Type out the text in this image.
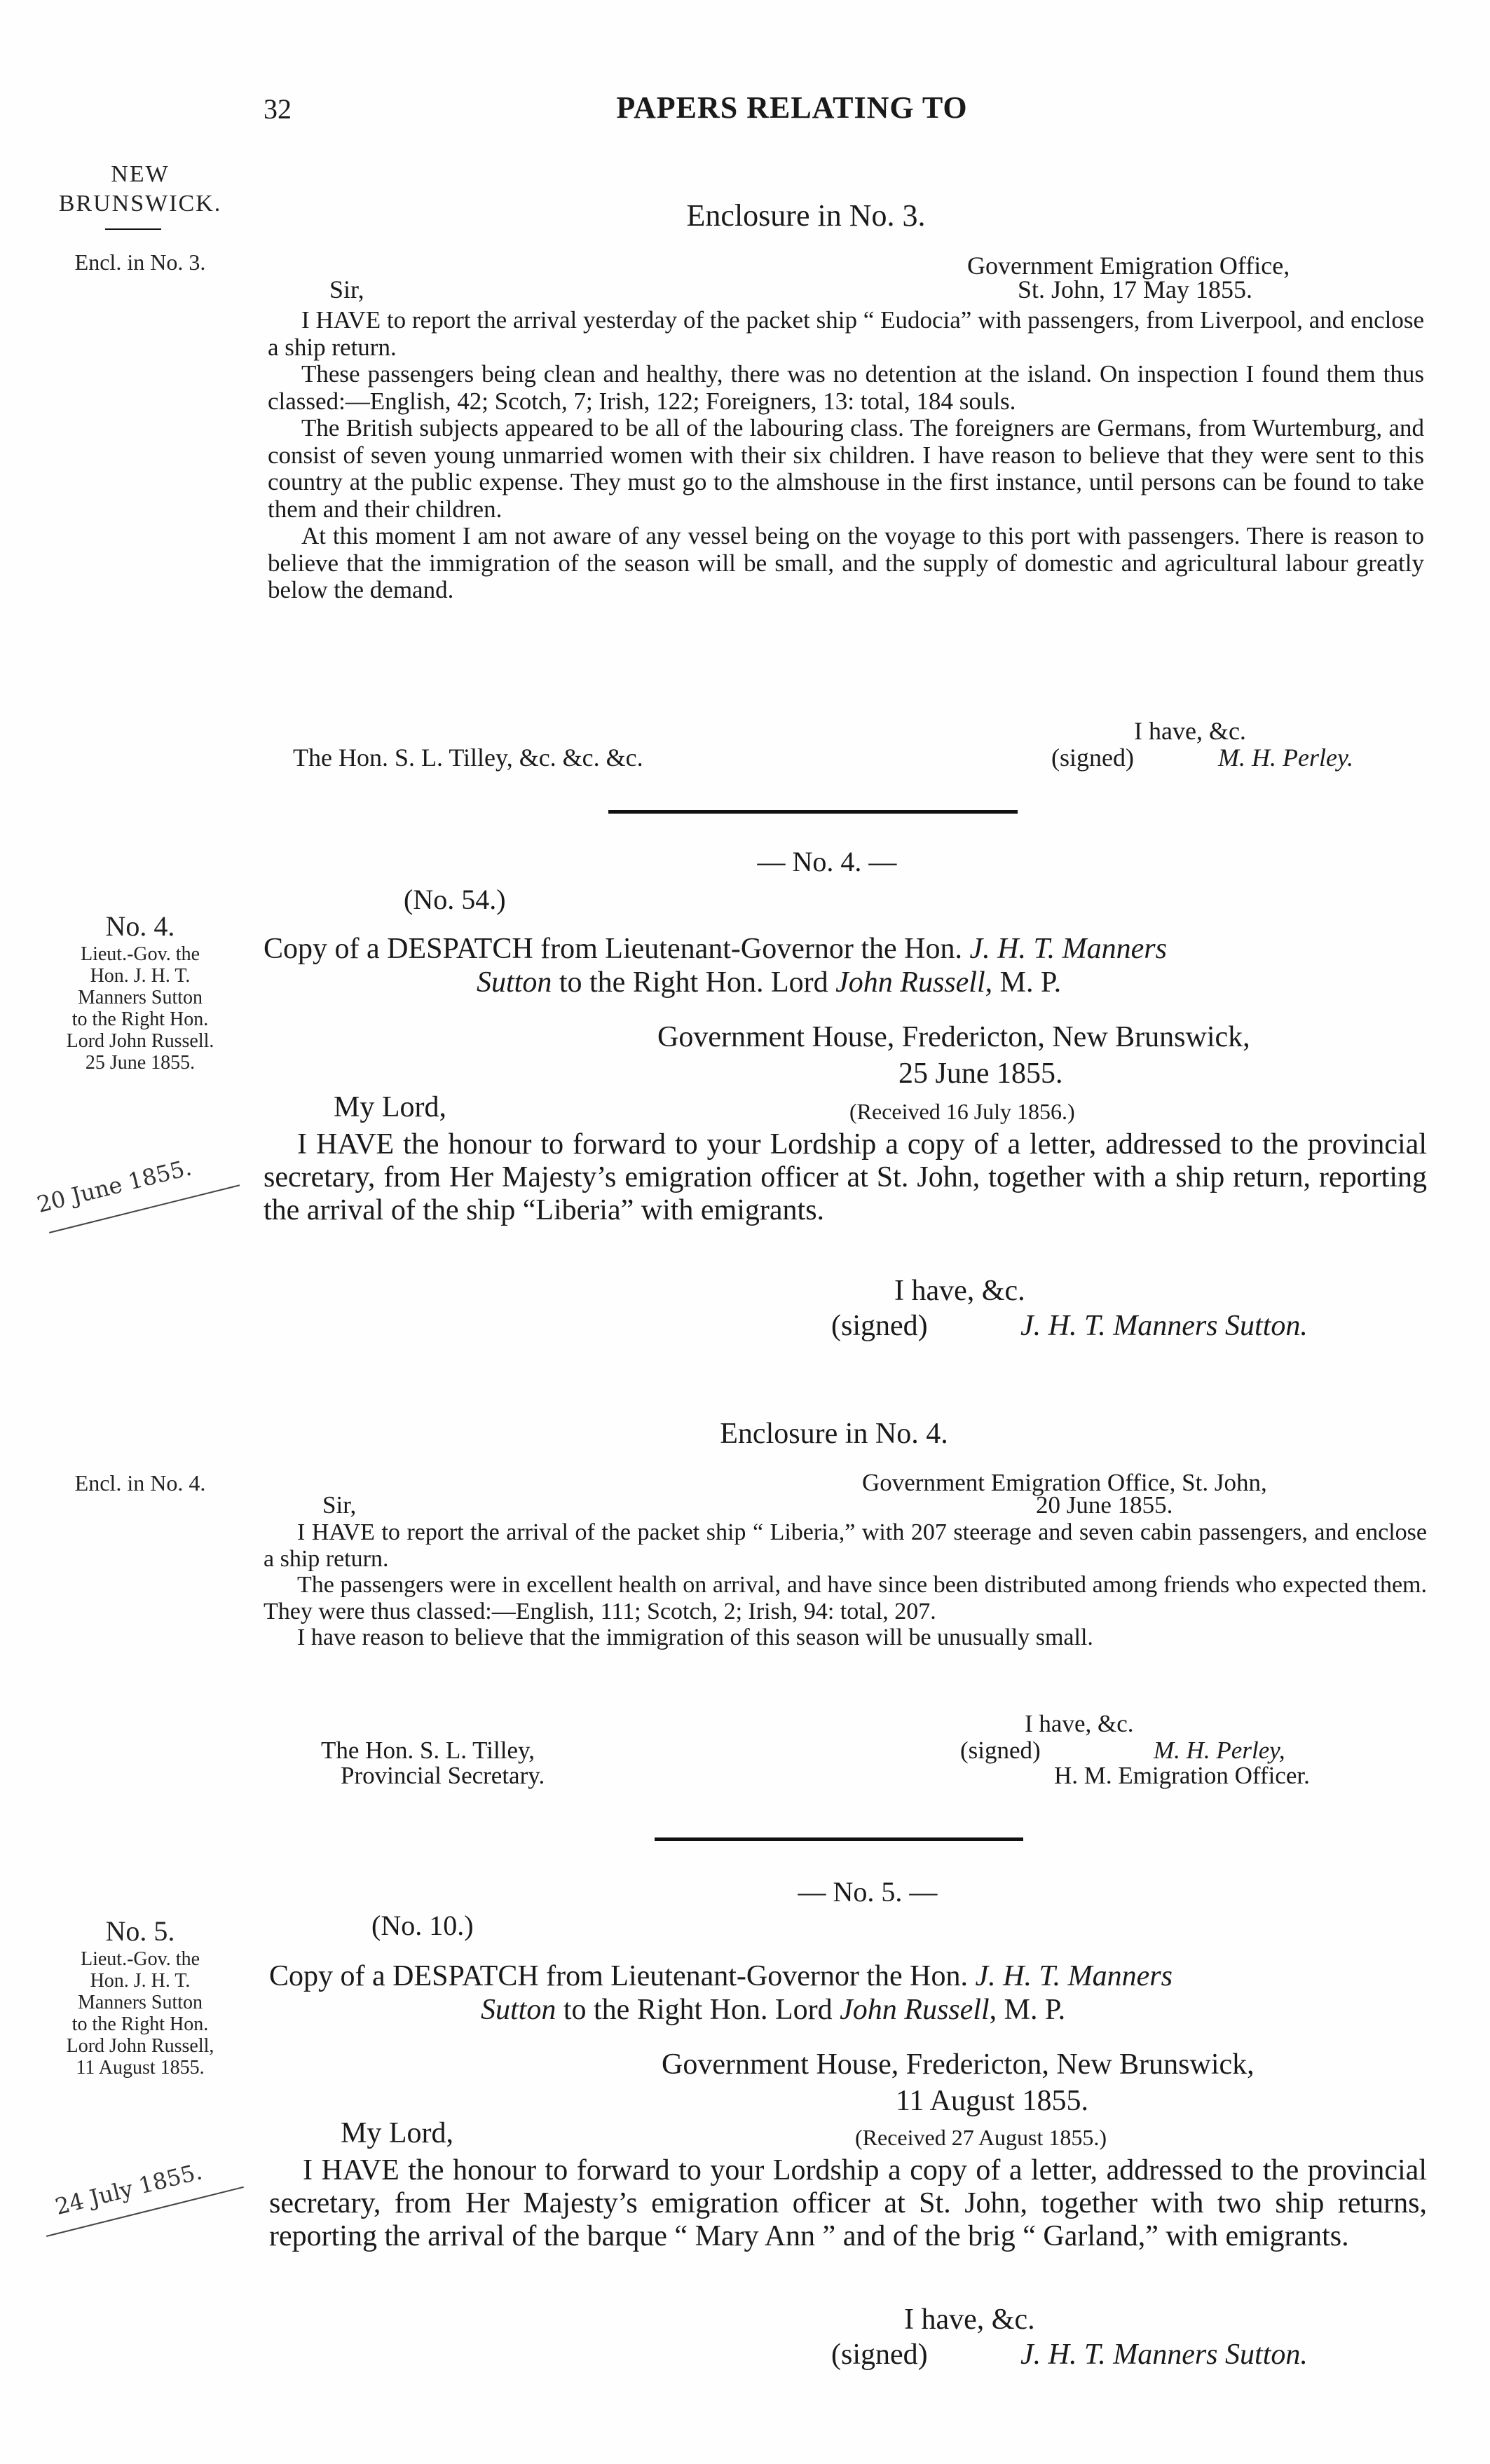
32	PAPERS RELATING TO
NEW BRUNSWICK.
Encl. in No. 3.
No. 4.
Lieut.-Gov. the
Hon. J. H. T.
Manners Sutton
to the Right Hon.
Lord John Russell.
25 June 1855.
20 June 1855.
Encl. in No. 4.
No. 5.
Lieut.-Gov. the
Hon. J. H. T.
Manners Sutton
to the Right Hon.
Lord John Russell,
11 August 1855.
24 July 1855.
Enclosure in No. 3.
Government Emigration Office,
Sir,	St. John, 17 May 1855.

I HAVE to report the arrival yesterday of the packet ship “ Eudocia” with passengers, from Liverpool, and enclose a ship return.

These passengers being clean and healthy, there was no detention at the island. On inspection I found them thus classed:—English, 42; Scotch, 7; Irish, 122; Foreigners, 13: total, 184 souls.

The British subjects appeared to be all of the labouring class. The foreigners are Germans, from Wurtemburg, and consist of seven young unmarried women with their six children. I have reason to believe that they were sent to this country at the public expense. They must go to the almshouse in the first instance, until persons can be found to take them and their children.

At this moment I am not aware of any vessel being on the voyage to this port with passengers. There is reason to believe that the immigration of the season will be small, and the supply of domestic and agricultural labour greatly below the demand.

I have, &c.
The Hon. S. L. Tilley, &c. &c. &c.	(signed)	M. H. Perley.
— No. 4. —
(No. 54.)
Copy of a DESPATCH from Lieutenant-Governor the Hon. J. H. T. Manners
Sutton to the Right Hon. Lord John Russell, M. P.
Government House, Fredericton, New Brunswick,
25 June 1855.
My Lord,	(Received 16 July 1856.)

I HAVE the honour to forward to your Lordship a copy of a letter, addressed to the provincial secretary, from Her Majesty’s emigration officer at St. John, together with a ship return, reporting the arrival of the ship “Liberia” with emigrants.

I have, &c.
(signed)	J. H. T. Manners Sutton.
Enclosure in No. 4.
Government Emigration Office, St. John,
Sir,	20 June 1855.

I HAVE to report the arrival of the packet ship “ Liberia,” with 207 steerage and seven cabin passengers, and enclose a ship return.

The passengers were in excellent health on arrival, and have since been distributed among friends who expected them. They were thus classed:—English, 111; Scotch, 2; Irish, 94: total, 207.

I have reason to believe that the immigration of this season will be unusually small.

I have, &c.
The Hon. S. L. Tilley,	(signed)	M. H. Perley,
Provincial Secretary.	H. M. Emigration Officer.
— No. 5. —
(No. 10.)
Copy of a DESPATCH from Lieutenant-Governor the Hon. J. H. T. Manners
Sutton to the Right Hon. Lord John Russell, M. P.
Government House, Fredericton, New Brunswick,
11 August 1855.
My Lord,	(Received 27 August 1855.)

I HAVE the honour to forward to your Lordship a copy of a letter, addressed to the provincial secretary, from Her Majesty’s emigration officer at St. John, together with two ship returns, reporting the arrival of the barque “ Mary Ann ” and of the brig “ Garland,” with emigrants.

I have, &c.
(signed)	J. H. T. Manners Sutton.
